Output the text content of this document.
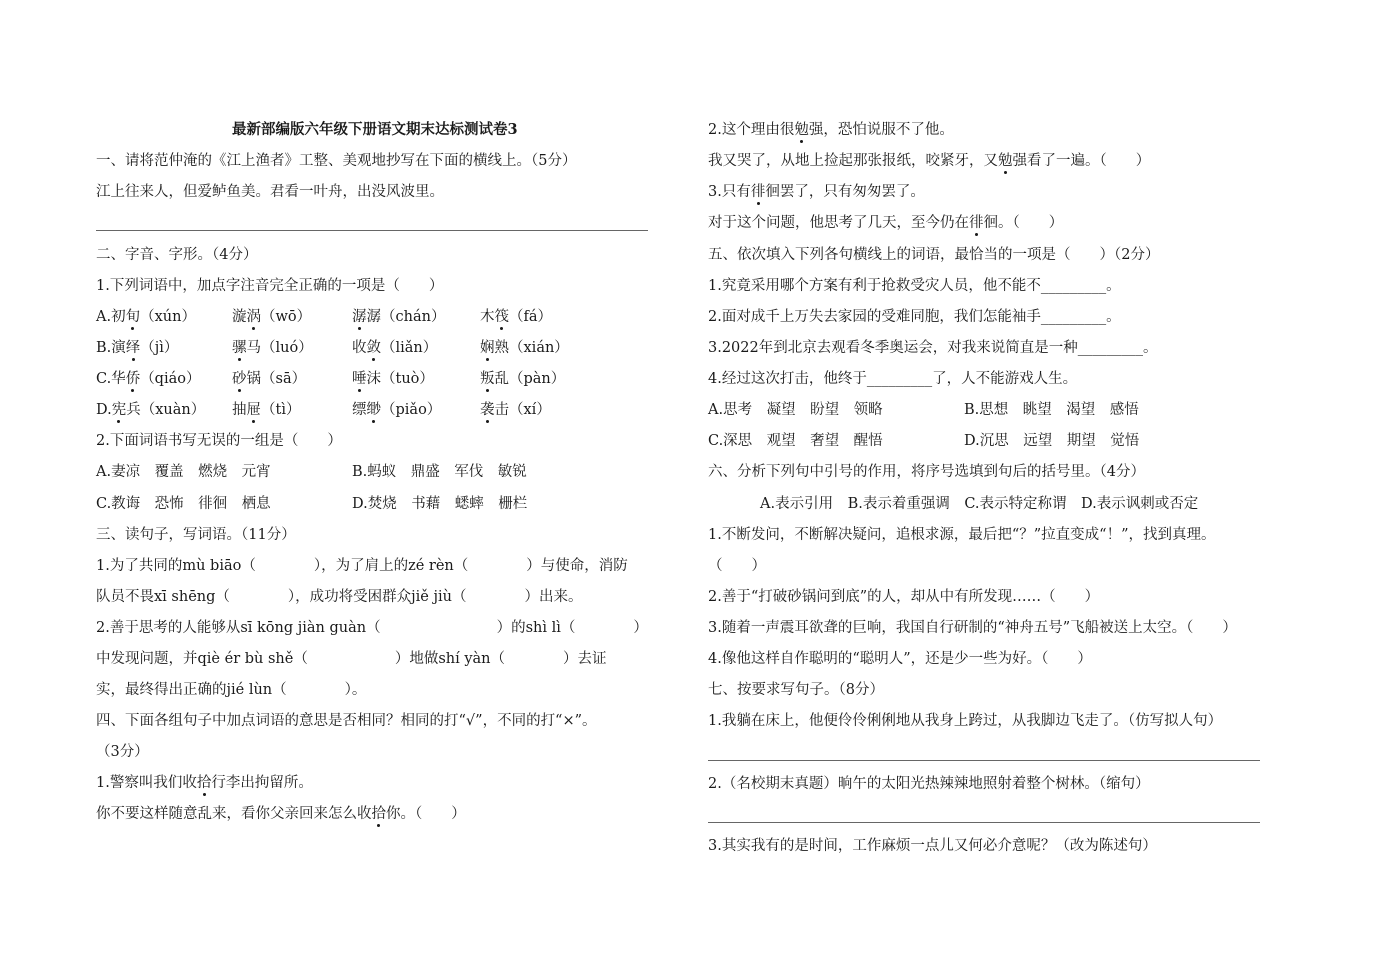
最新部编版六年级下册语文期末达标测试卷3
一、请将范仲淹的《江上渔者》工整、美观地抄写在下面的横线上。（5分）
江上往来人，但爱鲈鱼美。君看一叶舟，出没风波里。
二、字音、字形。（4分）
1.下列词语中，加点字注音完全正确的一项是（　　）
A.初旬（xún） 漩涡（wō）	潺潺（chán） 木筏（fá）
B.演绎（jì）	骡马（luó）	收敛（liǎn）	娴熟（xián）
C.华侨（qiáo） 砂锅（sā）	唾沫（tuò）	叛乱（pàn）
D.宪兵（xuàn） 抽屉（tì）	缥缈（piǎo）	袭击（xí）
2.下面词语书写无误的一组是（　　）
A.妻凉　覆盖　燃烧　元宵	B.蚂蚁　鼎盛　军伐　敏锐
C.教诲　恐怖　徘徊　栖息	D.焚烧　书藉　蟋蟀　栅栏
三、读句子，写词语。（11分）
1.为了共同的mù biāo（　　　　），为了肩上的zé rèn（　　　　）与使命，消防
队员不畏xī shēng（　　　　），成功将受困群众jiě jiù（　　　　）出来。
2.善于思考的人能够从sī kōng jiàn guàn（　　　　　　　　）的shì lì（　　　　）
中发现问题，并qiè ér bù shě（　　　　　　）地做shí yàn（　　　　）去证
实，最终得出正确的jié lùn（　　　　）。
四、下面各组句子中加点词语的意思是否相同？相同的打“√”，不同的打“×”。
（3分）
1.警察叫我们收拾行李出拘留所。
你不要这样随意乱来，看你父亲回来怎么收拾你。（　　）
2.这个理由很勉强，恐怕说服不了他。
我又哭了，从地上捡起那张报纸，咬紧牙，又勉强看了一遍。（　　）
3.只有徘徊罢了，只有匆匆罢了。
对于这个问题，他思考了几天，至今仍在徘徊。（　　）
五、依次填入下列各句横线上的词语，最恰当的一项是（　　）（2分）
1.究竟采用哪个方案有利于抢救受灾人员，他不能不_________。
2.面对成千上万失去家园的受难同胞，我们怎能袖手_________。
3.2022年到北京去观看冬季奥运会，对我来说简直是一种_________。
4.经过这次打击，他终于_________了，人不能游戏人生。
A.思考　凝望　盼望　领略	B.思想　眺望　渴望　感悟
C.深思　观望　奢望　醒悟	D.沉思　远望　期望　觉悟
六、分析下列句中引号的作用，将序号选填到句后的括号里。（4分）
A.表示引用　B.表示着重强调　C.表示特定称谓　D.表示讽刺或否定
1.不断发问，不断解决疑问，追根求源，最后把“？”拉直变成“！”，找到真理。
（　　）
2.善于“打破砂锅问到底”的人，却从中有所发现……（　　）
3.随着一声震耳欲聋的巨响，我国自行研制的“神舟五号”飞船被送上太空。（　　）
4.像他这样自作聪明的“聪明人”，还是少一些为好。（　　）
七、按要求写句子。（8分）
1.我躺在床上，他便伶伶俐俐地从我身上跨过，从我脚边飞走了。（仿写拟人句）
2.（名校期末真题）晌午的太阳光热辣辣地照射着整个树林。（缩句）
3.其实我有的是时间，工作麻烦一点儿又何必介意呢？（改为陈述句）
